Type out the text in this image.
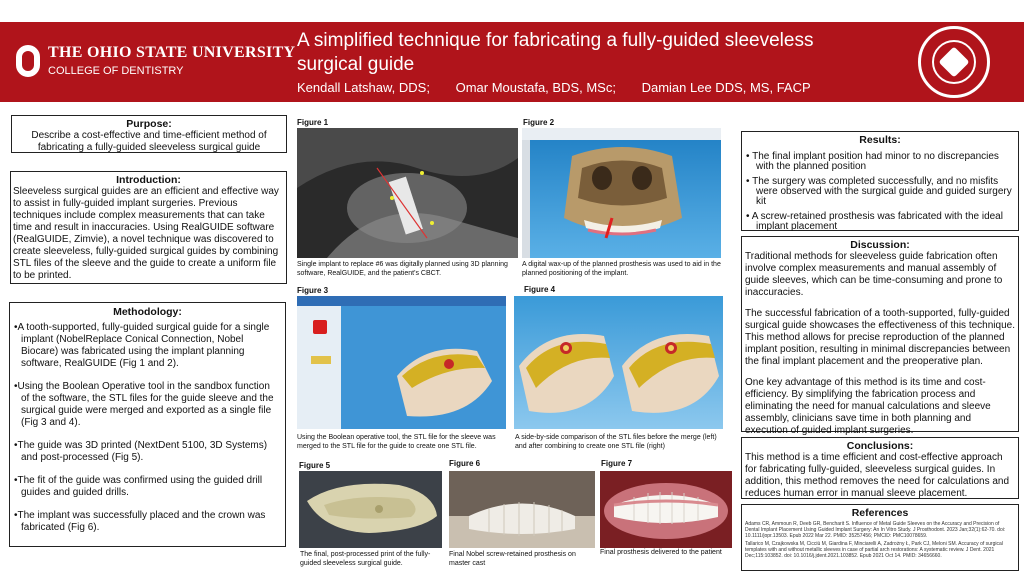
THE OHIO STATE UNIVERSITY
COLLEGE OF DENTISTRY
A simplified technique for fabricating a fully-guided sleeveless surgical guide
Kendall Latshaw, DDS; Omar Moustafa, BDS, MSc; Damian Lee DDS, MS, FACP
Purpose:

Describe a cost-effective and time-efficient method of fabricating a fully-guided sleeveless surgical guide

Introduction:

Sleeveless surgical guides are an efficient and effective way to assist in fully-guided implant surgeries. Previous techniques include complex measurements that can take time and result in inaccuracies. Using RealGUIDE software (RealGUIDE, Zimvie), a novel technique was discovered to create sleeveless, fully-guided surgical guides by combining STL files of the sleeve and the guide to create a uniform file to be printed.

Methodology:
• A tooth-supported, fully-guided surgical guide for a single implant (NobelReplace Conical Connection, Nobel Biocare) was fabricated using the implant planning software, RealGUIDE (Fig 1 and 2).
• Using the Boolean Operative tool in the sandbox function of the software, the STL files for the guide sleeve and the surgical guide were merged and exported as a single file (Fig 3 and 4).
• The guide was 3D printed (NextDent 5100, 3D Systems) and post-processed (Fig 5).
• The fit of the guide was confirmed using the guided drill guides and guided drills.
• The implant was successfully placed and the crown was fabricated (Fig 6).
Figure 1
Single implant to replace #6 was digitally planned using 3D planning software, RealGUIDE, and the patient's CBCT.
Figure 2
A digital wax-up of the planned prosthesis was used to aid in the planned positioning of the implant.
Figure 3
Using the Boolean operative tool, the STL file for the sleeve was merged to the STL file for the guide to create one STL file.
Figure 4
A side-by-side comparison of the STL files before the merge (left) and after combining to create one STL file (right)
Figure 5
The final, post-processed print of the fully-guided sleeveless surgical guide.
Figure 6
Final Nobel screw-retained prosthesis on master cast
Figure 7
Final prosthesis delivered to the patient
Results:
• The final implant position had minor to no discrepancies with the planned position
• The surgery was completed successfully, and no misfits were observed with the surgical guide and guided surgery kit
• A screw-retained prosthesis was fabricated with the ideal implant placement
Discussion:

Traditional methods for sleeveless guide fabrication often involve complex measurements and manual assembly of guide sleeves, which can be time-consuming and prone to inaccuracies.

The successful fabrication of a tooth-supported, fully-guided surgical guide showcases the effectiveness of this technique. This method allows for precise reproduction of the planned implant position, resulting in minimal discrepancies between the final implant placement and the preoperative plan.

One key advantage of this method is its time and cost-efficiency. By simplifying the fabrication process and eliminating the need for manual calculations and sleeve assembly, clinicians save time in both planning and execution of guided implant surgeries.

Conclusions:

This method is a time efficient and cost-effective approach for fabricating fully-guided, sleeveless surgical guides. In addition, this method removes the need for calculations and reduces human error in manual sleeve placement.

References

Adams CR, Ammoun R, Deeb GR, Bencharit S. Influence of Metal Guide Sleeves on the Accuracy and Precision of Dental Implant Placement Using Guided Implant Surgery: An In Vitro Study. J Prosthodont. 2023 Jan;32(1):62-70. doi: 10.1111/jopr.13503. Epub 2022 Mar 22. PMID: 35257456; PMCID: PMC10078659.

Tallarico M, Czajkowska M, Cicciù M, Giardina F, Minciarelli A, Zadrożny Ł, Park CJ, Meloni SM. Accuracy of surgical templates with and without metallic sleeves in case of partial arch restorations: A systematic review. J Dent. 2021 Dec;115:103852. doi: 10.1016/j.jdent.2021.103852. Epub 2021 Oct 14. PMID: 34656660.
